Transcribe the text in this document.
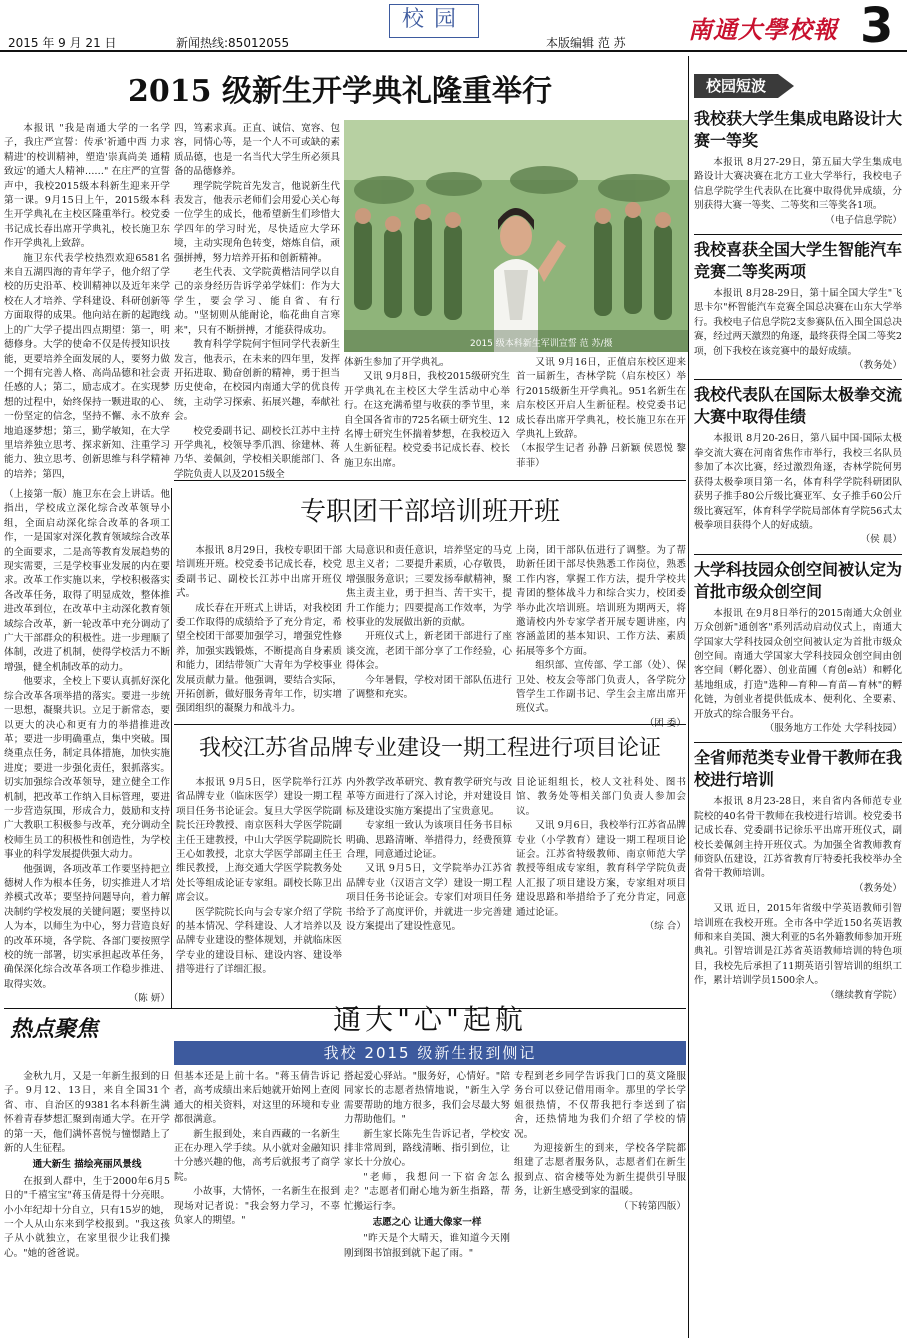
2015 年 9 月 21 日	新闻热线:85012055
校园
本版编辑 范 苏	南通大學校報 3
2015 级新生开学典礼隆重举行

本报讯 "我是南通大学的一名学子，我庄严宣誓：传承'祈通中西 力求精进'的校训精神，塑造'崇真尚美 通精致远'的通大人精神……" 在庄严的宣誓声中，我校2015级本科新生迎来开学第一课。9月15日上午，2015级本科生开学典礼在主校区隆重举行。校党委书记成长春出席开学典礼，校长施卫东作开学典礼上致辞。

施卫东代表学校热烈欢迎6581名来自五湖四海的青年学子，他介绍了学校的历史沿革、校训精神以及近年来学校在人才培养、学科建设、科研创新等方面取得的成果。他向站在新的起跑线上的广大学子提出四点期望：第一，明德修身。大学的使命不仅是传授知识技能，更要培养全面发展的人，要努力做一个拥有完善人格、高尚品德和社会责任感的人；第二，励志成才。在实现梦想的过程中，始终保持一颗进取的心、一份坚定的信念，坚持不懈、永不放弃地追逐梦想；第三，勤学敏知，在大学里培养独立思考、探求新知、注重学习能力、独立思考、创新思维与科学精神的培养；第四，

四，笃素求真。正直、诚信、宽容、包容，同情心等，是一个人不可或缺的素质品德，也是一名当代大学生所必须具备的品德修养。

理学院学院首先发言，他说新生代表发言，他表示老师们会用爱心关心每一位学生的成长，他希望新生们珍惜大学四年的学习时光，尽快适应大学环境，主动实现角色转变，熔炼自信，顽强拼搏，努力培养开拓和创新精神。

老生代表、文学院黄楷洁同学以自己的亲身经历告诉学弟学妹们：作为大学生，要会学习、能自省、有行动。"坚韧则从能耐论，临花曲自言寒来"，只有不断拼搏，才能获得成功。

教育科学学院何宇恒同学代表新生发言，他表示，在未来的四年里，发挥开拓进取、勤奋创新的精神，勇于担当历史使命，在校园内南通大学的优良传统，主动学习探索、拓展兴趣，奉献社会。

校党委副书记、副校长江苏中主持开学典礼，校领导季爪泗、徐建林、蒋乃华、姜佩剑，学校相关职能部门、各学院负责人以及2015级全

2015 级本科新生军训宣誓 范 苏/摄

体新生参加了开学典礼。

又讯 9月8日，我校2015级研究生开学典礼在主校区大学生活动中心举行。在这充满希望与收获的季节里，来自全国各省市的725名硕士研究生、12名博士研究生怀揣着梦想，在我校迈入人生新征程。校党委书记成长春、校长施卫东出席。

又讯 9月16日，正值启东校区迎来首一届新生，杏林学院（启东校区）举行2015级新生开学典礼。951名新生在启东校区开启人生新征程。校党委书记成长春出席开学典礼，校长施卫东在开学典礼上致辞。

（本报学生记者 孙静 吕新颖 侯恩悦 黎菲菲）

（上接第一版）施卫东在会上讲话。他指出，学校成立深化综合改革领导小组，全面启动深化综合改革的各项工作，一是国家对深化教育领域综合改革的全面要求，二是高等教育发展趋势的现实需要，三是学校事业发展的内在要求。改革工作实施以来，学校积极落实各改革任务，取得了明显成效，整体推进改革到位，在改革中主动深化教育领域综合改革，新一轮改革中充分调动了广大干部群众的积极性。进一步理顺了体制，改进了机制，使得学校活力不断增强，健全机制改革的动力。

他要求，全校上下要认真抓好深化综合改革各项举措的落实。要进一步统一思想，凝聚共识。立足于新常态，要以更大的决心和更有力的举措推进改革；要进一步明确重点，集中突破。围绕重点任务，制定具体措施，加快实施进度；要进一步强化责任，狠抓落实。切实加强综合改革领导，建立健全工作机制，把改革工作纳入目标管理，要进一步营造氛围，形成合力，鼓励和支持广大教职工积极参与改革，充分调动全校师生员工的积极性和创造性，为学校事业的科学发展提供强大动力。

他强调，各项改革工作要坚持把立德树人作为根本任务，切实推进人才培养模式改革；要坚持问题导向，着力解决制约学校发展的关键问题；要坚持以人为本，以师生为中心，努力营造良好的改革环境，各学院、各部门要按照学校的统一部署，切实承担起改革任务，确保深化综合改革各项工作稳步推进、取得实效。

（陈 妍）

专职团干部培训班开班

本报讯 8月29日，我校专职团干部培训班开班。校党委书记成长春，校党委副书记、副校长江苏中出席开班仪式。

成长春在开班式上讲话，对我校团委工作取得的成绩给予了充分肯定，希望全校团干部要加强学习，增强党性修养，加强实践锻炼，不断提高自身素质和能力，团结带领广大青年为学校事业发展贡献力量。他强调，要结合实际，开拓创新，做好服务青年工作，切实增强团组织的凝聚力和战斗力。

大局意识和责任意识，培养坚定的马克思主义者；二要提升素质，心存敬畏，增强服务意识；三要发扬奉献精神，聚焦主责主业，勇于担当、苦干实干，提升工作能力；四要提高工作效率，为学校事业的发展做出新的贡献。

开班仪式上，新老团干部进行了座谈交流，老团干部分享了工作经验，心得体会。

今年暑假，学校对团干部队伍进行了调整和充实。

上岗，团干部队伍进行了调整。为了帮助新任团干部尽快熟悉工作岗位，熟悉工作内容，掌握工作方法，提升学校共青团的整体战斗力和综合实力，校团委举办此次培训班。培训班为期两天，将邀请校内外专家学者开展专题讲座，内容涵盖团的基本知识、工作方法、素质拓展等多个方面。

组织部、宣传部、学工部（处）、保卫处、校友会等部门负责人，各学院分管学生工作副书记、学生会主席出席开班仪式。

我校江苏省品牌专业建设一期工程进行项目论证

本报讯 9月5日，医学院举行江苏省品牌专业（临床医学）建设一期工程项目任务书论证会。复旦大学医学院副院长汪玲教授、南京医科大学医学院副主任王建教授，中山大学医学院副院长王心如教授，北京大学医学部副主任王维民教授，上海交通大学医学院教务处处长等组成论证专家组。副校长陈卫出席会议。

医学院院长向与会专家介绍了学院的基本情况、学科建设、人才培养以及品牌专业建设的整体规划，并就临床医学专业的建设目标、建设内容、建设举措等进行了详细汇报。

内外教学改革研究、教育教学研究与改革等方面进行了深入讨论，并对建设目标及建设实施方案提出了宝贵意见。

专家组一致认为该项目任务书目标明确、思路清晰、举措得力，经费预算合理，同意通过论证。

又讯 9月5日，文学院举办江苏省品牌专业（汉语言文学）建设一期工程项目任务书论证会。专家们对项目任务书给予了高度评价，并就进一步完善建设方案提出了建设性意见。

目论证组组长，校人文社科处、图书馆、教务处等相关部门负责人参加会议。

又讯 9月6日，我校举行江苏省品牌专业（小学教育）建设一期工程项目论证会。江苏省特级教师、南京师范大学教授等组成专家组，教育科学学院负责人汇报了项目建设方案，专家组对项目建设思路和举措给予了充分肯定，同意通过论证。

（综 合）

热点聚焦	通大"心"起航
我校 2015 级新生报到侧记

金秋九月，又是一年新生报到的日子。9月12、13日，来自全国31个省、市、自治区的9381名本科新生满怀着青春梦想汇聚到南通大学。在开学的第一天，他们满怀喜悦与憧憬踏上了新的人生征程。

通大新生 描绘亮丽风景线

在报到人群中，生于2000年6月5日的"千禧宝宝"蒋玉倩是得十分亮眼。小小年纪却十分自立，只有15岁的她，一个人从山东来到学校报到。"我这孩子从小就独立，在家里很少让我们操心。"她的爸爸说。

但基本还是上前十名。"蒋玉倩告诉记者，高考成绩出来后她就开始网上查阅通大的相关资料，对这里的环境和专业都很满意。

新生报到处，来自西藏的一名新生正在办理入学手续。从小就对金融知识十分感兴趣的他，高考后就报考了商学院。

小故事，大情怀，一名新生在报到现场对记者说："我会努力学习，不辜负家人的期望。"

搭起爱心驿站。"服务好，心情好。"陪同家长的志愿者热情地说，"新生入学需要帮助的地方很多，我们会尽最大努力帮助他们。"

新生家长陈先生告诉记者，学校安排非常周到，路线清晰、指引到位，让家长十分放心。

"老师，我想问一下宿舍怎么走？"志愿者们耐心地为新生指路，帮忙搬运行李。

志愿之心 让通大像家一样

"昨天是个大晴天，谁知道今天刚刚到图书馆报到就下起了雨。"

专程到老乡同学告诉我门口的莫文隆服务台可以登记借用雨伞。那里的学长学姐很热情，不仅帮我把行李送到了宿舍，还热情地为我们介绍了学校的情况。

为迎接新生的到来，学校各学院都组建了志愿者服务队，志愿者们在新生报到点、宿舍楼等处为新生提供引导服务，让新生感受到家的温暖。

（下转第四版）

校园短波
我校获大学生集成电路设计大赛一等奖

本报讯 8月27-29日，第五届大学生集成电路设计大赛决赛在北方工业大学举行，我校电子信息学院学生代表队在比赛中取得优异成绩，分别获得大赛一等奖、二等奖和三等奖各1项。

（电子信息学院）

我校喜获全国大学生智能汽车竞赛二等奖两项

本报讯 8月28-29日，第十届全国大学生"飞思卡尔"杯智能汽车竞赛全国总决赛在山东大学举行。我校电子信息学院2支参赛队伍入围全国总决赛，经过两天激烈的角逐，最终获得全国二等奖2项，创下我校在该竞赛中的最好成绩。

（教务处）

我校代表队在国际太极拳交流大赛中取得佳绩

本报讯 8月20-26日，第八届中国·国际太极拳交流大赛在河南省焦作市举行，我校三名队员参加了本次比赛，经过激烈角逐，杏林学院何男获得太极拳项目第一名，体育科学学院科研团队获男子推手80公斤级比赛亚军、女子推手60公斤级比赛冠军，体育科学学院局部体育学院56式太极拳项目获得个人的好成绩。

（侯 晨）

大学科技园众创空间被认定为首批市级众创空间

本报讯 在9月8日举行的2015南通大众创业万众创新"通创客"系列活动启动仪式上，南通大学国家大学科技园众创空间被认定为首批市级众创空间。南通大学国家大学科技园众创空间由创客空间（孵化器）、创业苗圃（育创e站）和孵化基地组成，打造"选种—育种—育苗—育林"的孵化链，为创业者提供低成本、便利化、全要素、开放式的综合服务平台。

（服务地方工作处 大学科技园）

全省师范类专业骨干教师在我校进行培训

本报讯 8月23-28日，来自省内各师范专业院校的40名骨干教师在我校进行培训。校党委书记成长春、党委副书记徐乐平出席开班仪式，副校长姜佩剑主持开班仪式。为加强全省教师教育师资队伍建设，江苏省教育厅特委托我校举办全省骨干教师培训。

（教务处）

又讯 近日，2015年省级中学英语教师引智培训班在我校开班。全市各中学近150名英语教师和来自美国、澳大利亚的5名外籍教师参加开班典礼。引智培训是江苏省英语教师培训的特色项目，我校先后承担了11期英语引智培训的组织工作，累计培训学员1500余人。

（继续教育学院）
